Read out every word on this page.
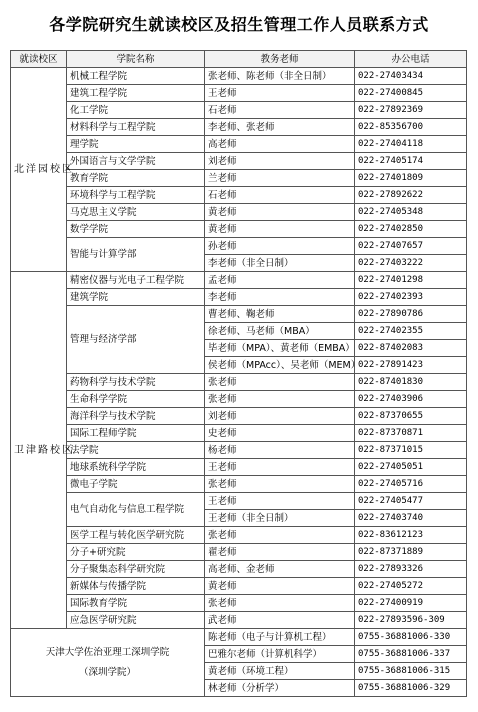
各学院研究生就读校区及招生管理工作人员联系方式
就读校区	学院名称	教务老师	办公电话
北洋园校区	机械工程学院	张老师、陈老师（非全日制）	022-27403434
	建筑工程学院	王老师	022-27400845
	化工学院	石老师	022-27892369
	材料科学与工程学院	李老师、张老师	022-85356700
	理学院	高老师	022-27404118
	外国语言与文学学院	刘老师	022-27405174
	教育学院	兰老师	022-27401809
	环境科学与工程学院	石老师	022-27892622
	马克思主义学院	黄老师	022-27405348
	数学学院	黄老师	022-27402850
	智能与计算学部	孙老师	022-27407657
		李老师（非全日制）	022-27403222
卫津路校区	精密仪器与光电子工程学院	孟老师	022-27401298
	建筑学院	李老师	022-27402393
	管理与经济学部	曹老师、鞠老师	022-27890786
		徐老师、马老师（MBA）	022-27402355
		毕老师（MPA）、黄老师（EMBA）	022-87402083
		侯老师（MPAcc）、吴老师（MEM）	022-27891423
	药物科学与技术学院	张老师	022-87401830
	生命科学学院	张老师	022-27403906
	海洋科学与技术学院	刘老师	022-87370655
	国际工程师学院	史老师	022-87370871
	法学院	杨老师	022-87371015
	地球系统科学学院	王老师	022-27405051
	微电子学院	张老师	022-27405716
	电气自动化与信息工程学院	王老师	022-27405477
		王老师（非全日制）	022-27403740
	医学工程与转化医学研究院	张老师	022-83612123
	分子+研究院	翟老师	022-87371889
	分子聚集态科学研究院	高老师、金老师	022-27893326
	新媒体与传播学院	黄老师	022-27405272
	国际教育学院	张老师	022-27400919
	应急医学研究院	武老师	022-27893596-309

天津大学佐治亚理工深圳学院
（深圳学院）		陈老师（电子与计算机工程）	0755-36881006-330
		巴雅尔老师（计算机科学）	0755-36881006-337
		黄老师（环境工程）	0755-36881006-315
		林老师（分析学）	0755-36881006-329
